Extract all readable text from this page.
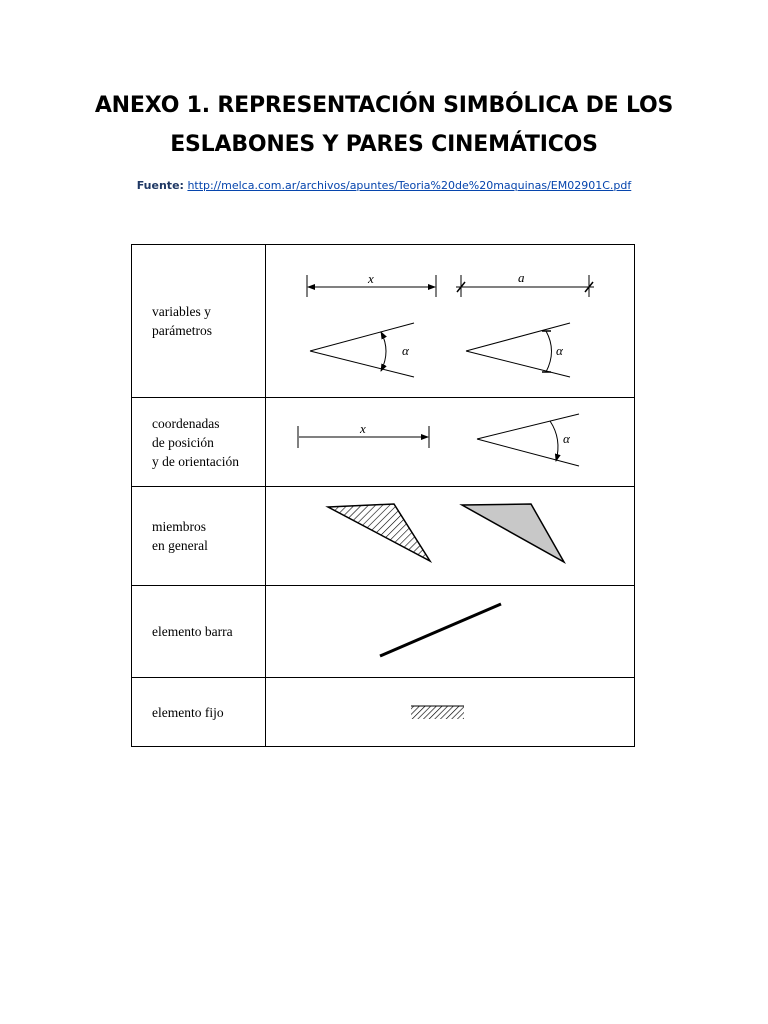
ANEXO 1. REPRESENTACIÓN SIMBÓLICA DE LOS
ESLABONES Y PARES CINEMÁTICOS
Fuente: http://melca.com.ar/archivos/apuntes/Teoria%20de%20maquinas/EM02901C.pdf
variables y
parámetros	x a
α α

coordenadas
de posición
y de orientación	x
α

miembros
en general

elemento barra

elemento fijo
